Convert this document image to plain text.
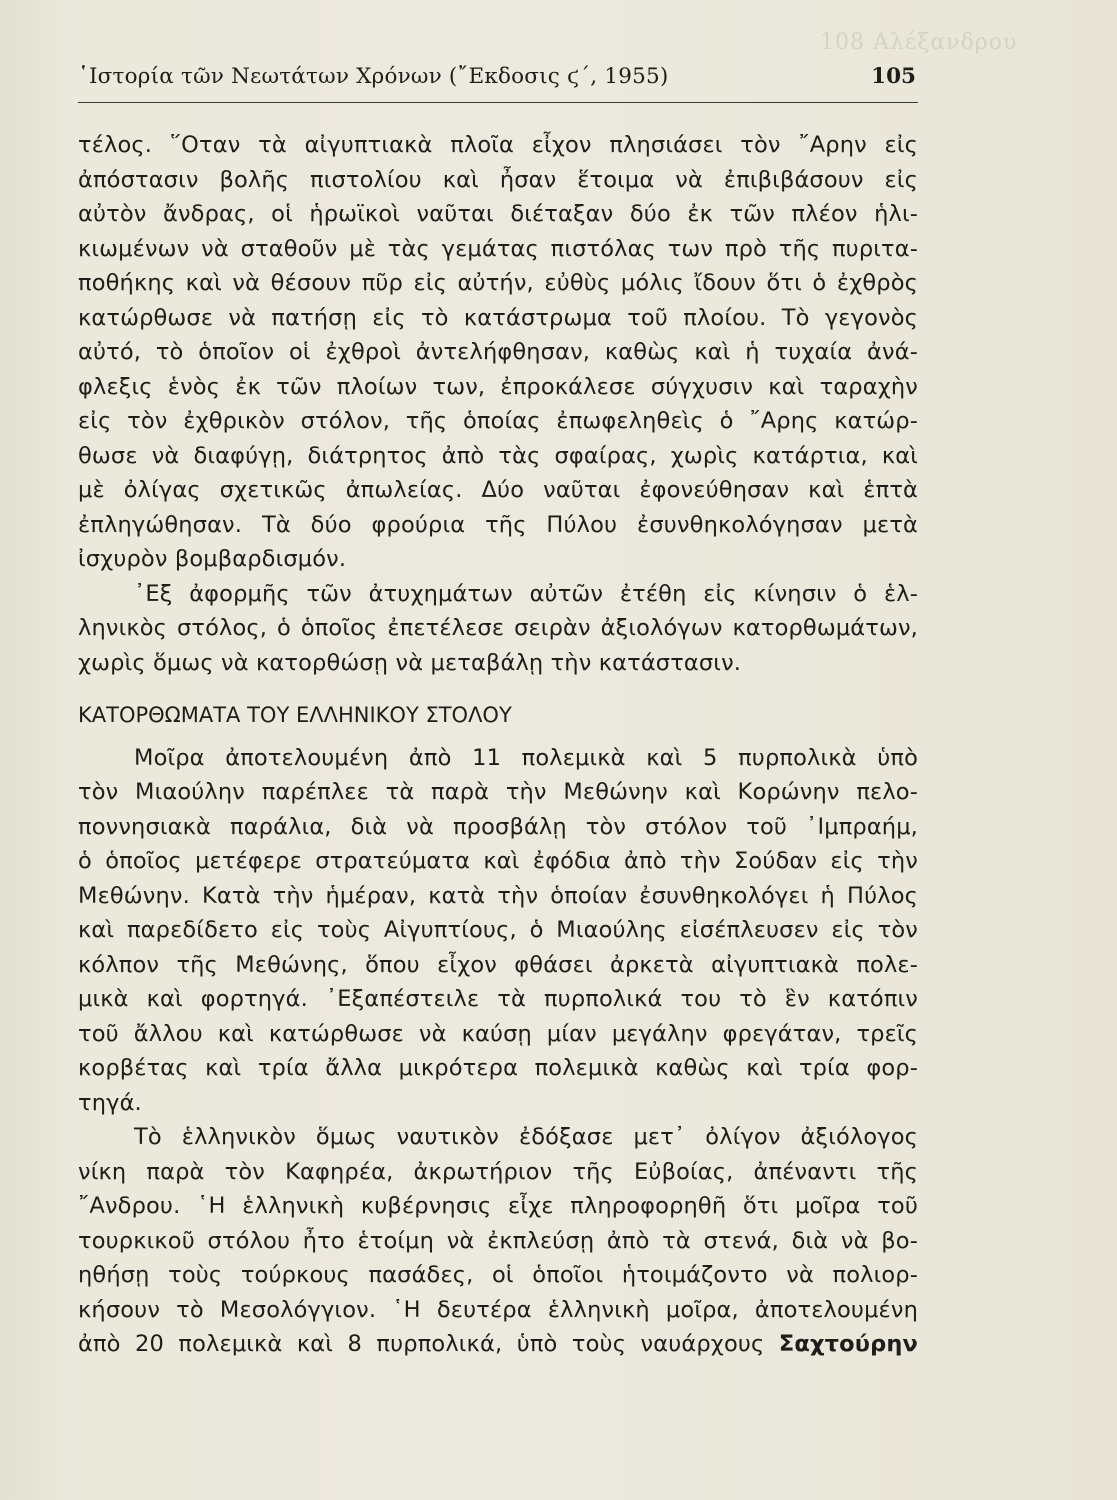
108 Αλέξανδρου
῾Ιστορία τῶν Νεωτάτων Χρόνων (῎Εκδοσις ϛ΄, 1955)	105
τέλος. ῞Οταν τὰ αἰγυπτιακὰ πλοῖα εἶχον πλησιάσει τὸν ῎Αρην εἰς
ἀπόστασιν βολῆς πιστολίου καὶ ἦσαν ἕτοιμα νὰ ἐπιβιβάσουν εἰς
αὐτὸν ἄνδρας, οἱ ἡρωϊκοὶ ναῦται διέταξαν δύο ἐκ τῶν πλέον ἡλι-
κιωμένων νὰ σταθοῦν μὲ τὰς γεμάτας πιστόλας των πρὸ τῆς πυριτα-
ποθήκης καὶ νὰ θέσουν πῦρ εἰς αὐτήν, εὐθὺς μόλις ἴδουν ὅτι ὁ ἐχθρὸς
κατώρθωσε νὰ πατήσῃ εἰς τὸ κατάστρωμα τοῦ πλοίου. Τὸ γεγονὸς
αὐτό, τὸ ὁποῖον οἱ ἐχθροὶ ἀντελήφθησαν, καθὼς καὶ ἡ τυχαία ἀνά-
φλεξις ἑνὸς ἐκ τῶν πλοίων των, ἐπροκάλεσε σύγχυσιν καὶ ταραχὴν
εἰς τὸν ἐχθρικὸν στόλον, τῆς ὁποίας ἐπωφεληθεὶς ὁ ῎Αρης κατώρ-
θωσε νὰ διαφύγῃ, διάτρητος ἀπὸ τὰς σφαίρας, χωρὶς κατάρτια, καὶ
μὲ ὀλίγας σχετικῶς ἀπωλείας. Δύο ναῦται ἐφονεύθησαν καὶ ἑπτὰ
ἐπληγώθησαν. Τὰ δύο φρούρια τῆς Πύλου ἐσυνθηκολόγησαν μετὰ
ἰσχυρὸν βομβαρδισμόν.
᾿Εξ ἀφορμῆς τῶν ἀτυχημάτων αὐτῶν ἐτέθη εἰς κίνησιν ὁ ἑλ-
ληνικὸς στόλος, ὁ ὁποῖος ἐπετέλεσε σειρὰν ἀξιολόγων κατορθωμάτων,
χωρὶς ὅμως νὰ κατορθώσῃ νὰ μεταβάλῃ τὴν κατάστασιν.
ΚΑΤΟΡΘΩΜΑΤΑ ΤΟΥ ΕΛΛΗΝΙΚΟΥ ΣΤΟΛΟΥ
Μοῖρα ἀποτελουμένη ἀπὸ 11 πολεμικὰ καὶ 5 πυρπολικὰ ὑπὸ
τὸν Μιαούλην παρέπλεε τὰ παρὰ τὴν Μεθώνην καὶ Κορώνην πελο-
ποννησιακὰ παράλια, διὰ νὰ προσβάλῃ τὸν στόλον τοῦ ᾿Ιμπραήμ,
ὁ ὁποῖος μετέφερε στρατεύματα καὶ ἐφόδια ἀπὸ τὴν Σούδαν εἰς τὴν
Μεθώνην. Κατὰ τὴν ἡμέραν, κατὰ τὴν ὁποίαν ἐσυνθηκολόγει ἡ Πύλος
καὶ παρεδίδετο εἰς τοὺς Αἰγυπτίους, ὁ Μιαούλης εἰσέπλευσεν εἰς τὸν
κόλπον τῆς Μεθώνης, ὅπου εἶχον φθάσει ἀρκετὰ αἰγυπτιακὰ πολε-
μικὰ καὶ φορτηγά. ᾿Εξαπέστειλε τὰ πυρπολικά του τὸ ἓν κατόπιν
τοῦ ἄλλου καὶ κατώρθωσε νὰ καύσῃ μίαν μεγάλην φρεγάταν, τρεῖς
κορβέτας καὶ τρία ἄλλα μικρότερα πολεμικὰ καθὼς καὶ τρία φορ-
τηγά.
Τὸ ἑλληνικὸν ὅμως ναυτικὸν ἐδόξασε μετ᾿ ὀλίγον ἀξιόλογος
νίκη παρὰ τὸν Καφηρέα, ἀκρωτήριον τῆς Εὐβοίας, ἀπέναντι τῆς
῎Ανδρου. ῾Η ἑλληνικὴ κυβέρνησις εἶχε πληροφορηθῆ ὅτι μοῖρα τοῦ
τουρκικοῦ στόλου ἦτο ἑτοίμη νὰ ἐκπλεύσῃ ἀπὸ τὰ στενά, διὰ νὰ βο-
ηθήσῃ τοὺς τούρκους πασάδες, οἱ ὁποῖοι ἡτοιμάζοντο νὰ πολιορ-
κήσουν τὸ Μεσολόγγιον. ῾Η δευτέρα ἑλληνικὴ μοῖρα, ἀποτελουμένη
ἀπὸ 20 πολεμικὰ καὶ 8 πυρπολικά, ὑπὸ τοὺς ναυάρχους Σαχτούρην
